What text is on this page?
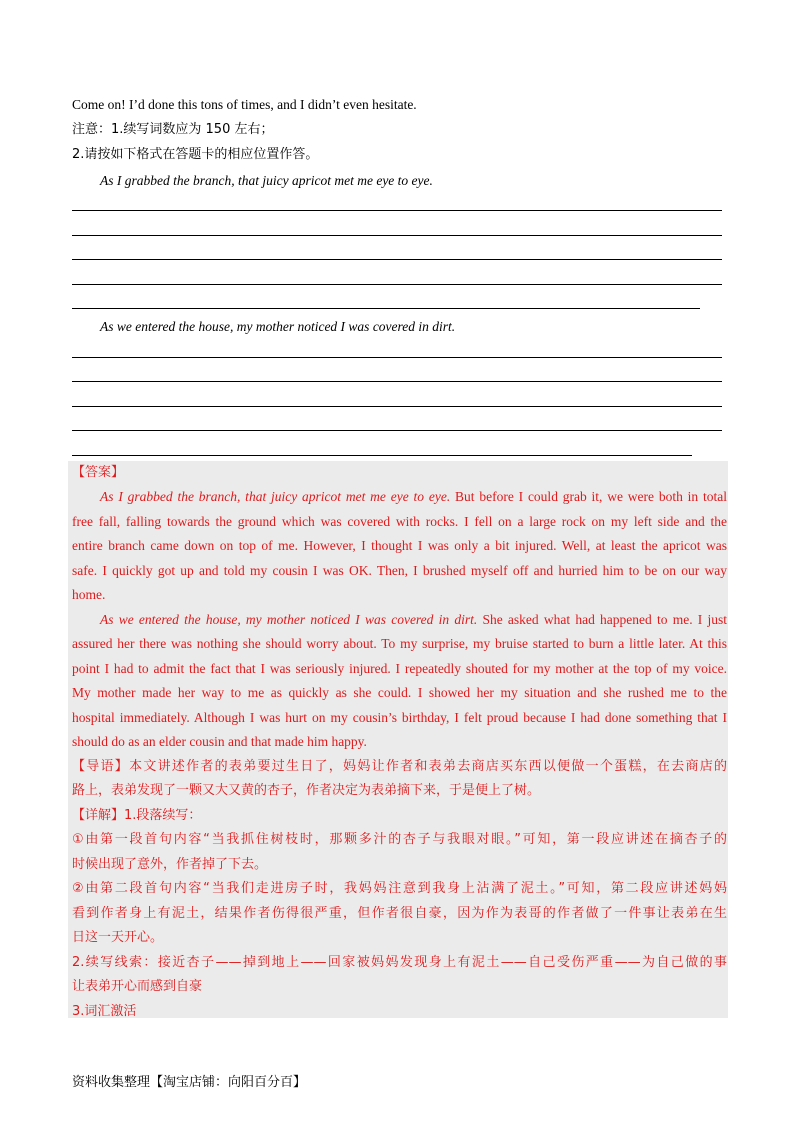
Come on! I’d done this tons of times, and I didn’t even hesitate.
注意：1.续写词数应为 150 左右；
2.请按如下格式在答题卡的相应位置作答。
As I grabbed the branch, that juicy apricot met me eye to eye.
As we entered the house, my mother noticed I was covered in dirt.
【答案】
As I grabbed the branch, that juicy apricot met me eye to eye. But before I could grab it, we were both in total
free fall, falling towards the ground which was covered with rocks. I fell on a large rock on my left side and the
entire branch came down on top of me. However, I thought I was only a bit injured. Well, at least the apricot was
safe. I quickly got up and told my cousin I was OK. Then, I brushed myself off and hurried him to be on our way
home.
As we entered the house, my mother noticed I was covered in dirt. She asked what had happened to me. I just
assured her there was nothing she should worry about. To my surprise, my bruise started to burn a little later. At this
point I had to admit the fact that I was seriously injured. I repeatedly shouted for my mother at the top of my voice.
My mother made her way to me as quickly as she could. I showed her my situation and she rushed me to the
hospital immediately. Although I was hurt on my cousin’s birthday, I felt proud because I had done something that I
should do as an elder cousin and that made him happy.
【导语】本文讲述作者的表弟要过生日了，妈妈让作者和表弟去商店买东西以便做一个蛋糕，在去商店的
路上，表弟发现了一颗又大又黄的杏子，作者决定为表弟摘下来，于是便上了树。
【详解】1.段落续写：
①由第一段首句内容“当我抓住树枝时，那颗多汁的杏子与我眼对眼。”可知，第一段应讲述在摘杏子的
时候出现了意外，作者掉了下去。
②由第二段首句内容“当我们走进房子时，我妈妈注意到我身上沾满了泥土。”可知，第二段应讲述妈妈
看到作者身上有泥土，结果作者伤得很严重，但作者很自豪，因为作为表哥的作者做了一件事让表弟在生
日这一天开心。
2.续写线索：接近杏子——掉到地上——回家被妈妈发现身上有泥土——自己受伤严重——为自己做的事
让表弟开心而感到自豪
3.词汇激活
资料收集整理【淘宝店铺：向阳百分百】
